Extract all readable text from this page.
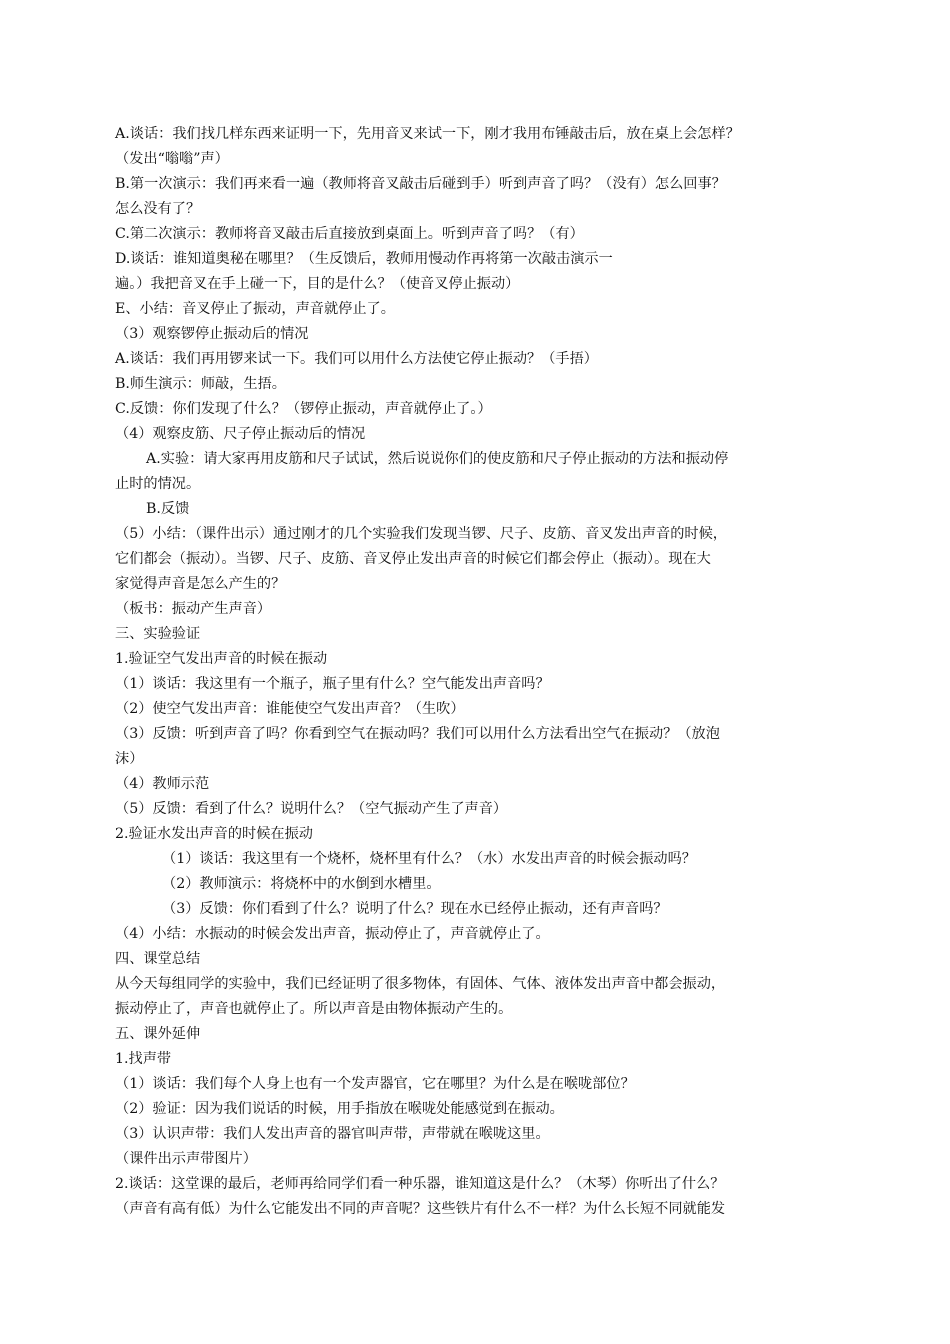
A.谈话：我们找几样东西来证明一下，先用音叉来试一下，刚才我用布锤敲击后，放在桌上会怎样？
（发出“嗡嗡”声）
B.第一次演示：我们再来看一遍（教师将音叉敲击后碰到手）听到声音了吗？（没有）怎么回事？
怎么没有了？
C.第二次演示：教师将音叉敲击后直接放到桌面上。听到声音了吗？（有）
D.谈话：谁知道奥秘在哪里？（生反馈后，教师用慢动作再将第一次敲击演示一
遍。）我把音叉在手上碰一下，目的是什么？（使音叉停止振动）
E、小结：音叉停止了振动，声音就停止了。
（3）观察锣停止振动后的情况
A.谈话：我们再用锣来试一下。我们可以用什么方法使它停止振动？（手捂）
B.师生演示：师敲，生捂。
C.反馈：你们发现了什么？（锣停止振动，声音就停止了。）
（4）观察皮筋、尺子停止振动后的情况
A.实验：请大家再用皮筋和尺子试试，然后说说你们的使皮筋和尺子停止振动的方法和振动停
止时的情况。
B.反馈
（5）小结：（课件出示）通过刚才的几个实验我们发现当锣、尺子、皮筋、音叉发出声音的时候，
它们都会（振动）。当锣、尺子、皮筋、音叉停止发出声音的时候它们都会停止（振动）。现在大
家觉得声音是怎么产生的？
（板书：振动产生声音）
三、实验验证
1.验证空气发出声音的时候在振动
（1）谈话：我这里有一个瓶子，瓶子里有什么？空气能发出声音吗？
（2）使空气发出声音：谁能使空气发出声音？（生吹）
（3）反馈：听到声音了吗？你看到空气在振动吗？我们可以用什么方法看出空气在振动？（放泡
沫）
（4）教师示范
（5）反馈：看到了什么？说明什么？（空气振动产生了声音）
2.验证水发出声音的时候在振动
（1）谈话：我这里有一个烧杯，烧杯里有什么？（水）水发出声音的时候会振动吗？
（2）教师演示：将烧杯中的水倒到水槽里。
（3）反馈：你们看到了什么？说明了什么？现在水已经停止振动，还有声音吗？
（4）小结：水振动的时候会发出声音，振动停止了，声音就停止了。
四、课堂总结
从今天每组同学的实验中，我们已经证明了很多物体，有固体、气体、液体发出声音中都会振动，
振动停止了，声音也就停止了。所以声音是由物体振动产生的。
五、课外延伸
1.找声带
（1）谈话：我们每个人身上也有一个发声器官，它在哪里？为什么是在喉咙部位？
（2）验证：因为我们说话的时候，用手指放在喉咙处能感觉到在振动。
（3）认识声带：我们人发出声音的器官叫声带，声带就在喉咙这里。
（课件出示声带图片）
2.谈话：这堂课的最后，老师再给同学们看一种乐器，谁知道这是什么？（木琴）你听出了什么？
（声音有高有低）为什么它能发出不同的声音呢？这些铁片有什么不一样？为什么长短不同就能发
